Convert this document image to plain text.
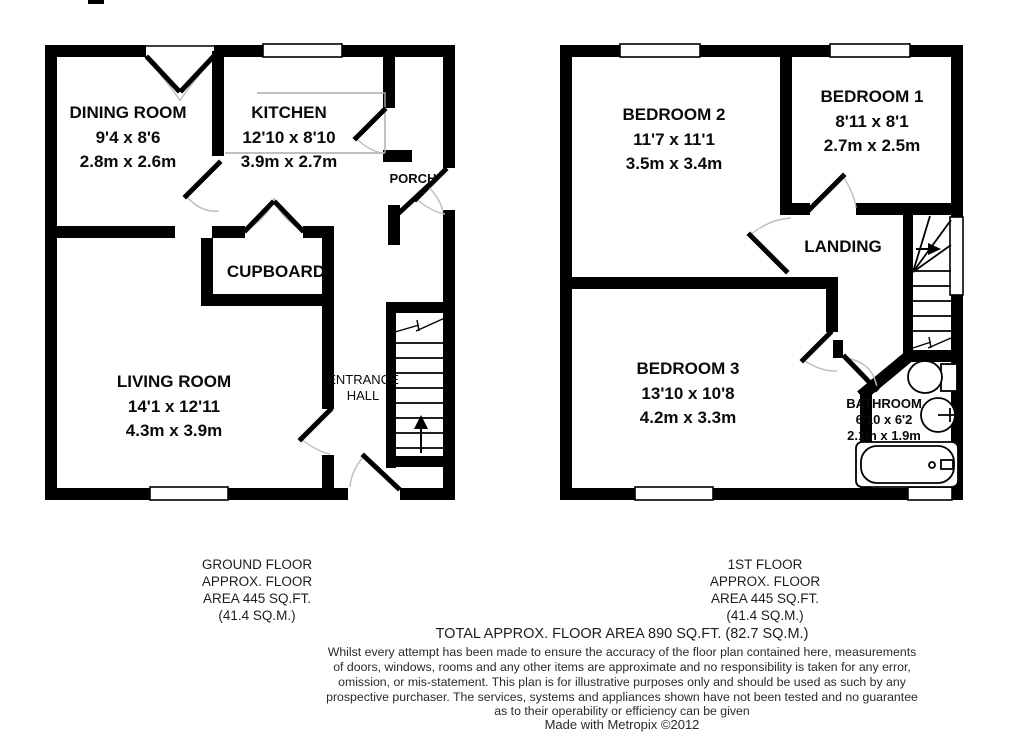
DINING ROOM
9'4 x 8'6
2.8m x 2.6m
KITCHEN
12'10 x 8'10
3.9m x 2.7m
PORCH
CUPBOARD
LIVING ROOM
14'1 x 12'11
4.3m x 3.9m
ENTRANCE
HALL
BEDROOM 2
11'7 x 11'1
3.5m x 3.4m
BEDROOM 1
8'11 x 8'1
2.7m x 2.5m
LANDING
BEDROOM 3
13'10 x 10'8
4.2m x 3.3m
BATHROOM
6'10 x 6'2
2.1m x 1.9m
GROUND FLOOR
APPROX. FLOOR
AREA 445 SQ.FT.
(41.4 SQ.M.)
1ST FLOOR
APPROX. FLOOR
AREA 445 SQ.FT.
(41.4 SQ.M.)
TOTAL APPROX. FLOOR AREA 890 SQ.FT. (82.7 SQ.M.)
Whilst every attempt has been made to ensure the accuracy of the floor plan contained here, measurements
of doors, windows, rooms and any other items are approximate and no responsibility is taken for any error,
omission, or mis-statement. This plan is for illustrative purposes only and should be used as such by any
prospective purchaser. The services, systems and appliances shown have not been tested and no guarantee
as to their operability or efficiency can be given
Made with Metropix ©2012
